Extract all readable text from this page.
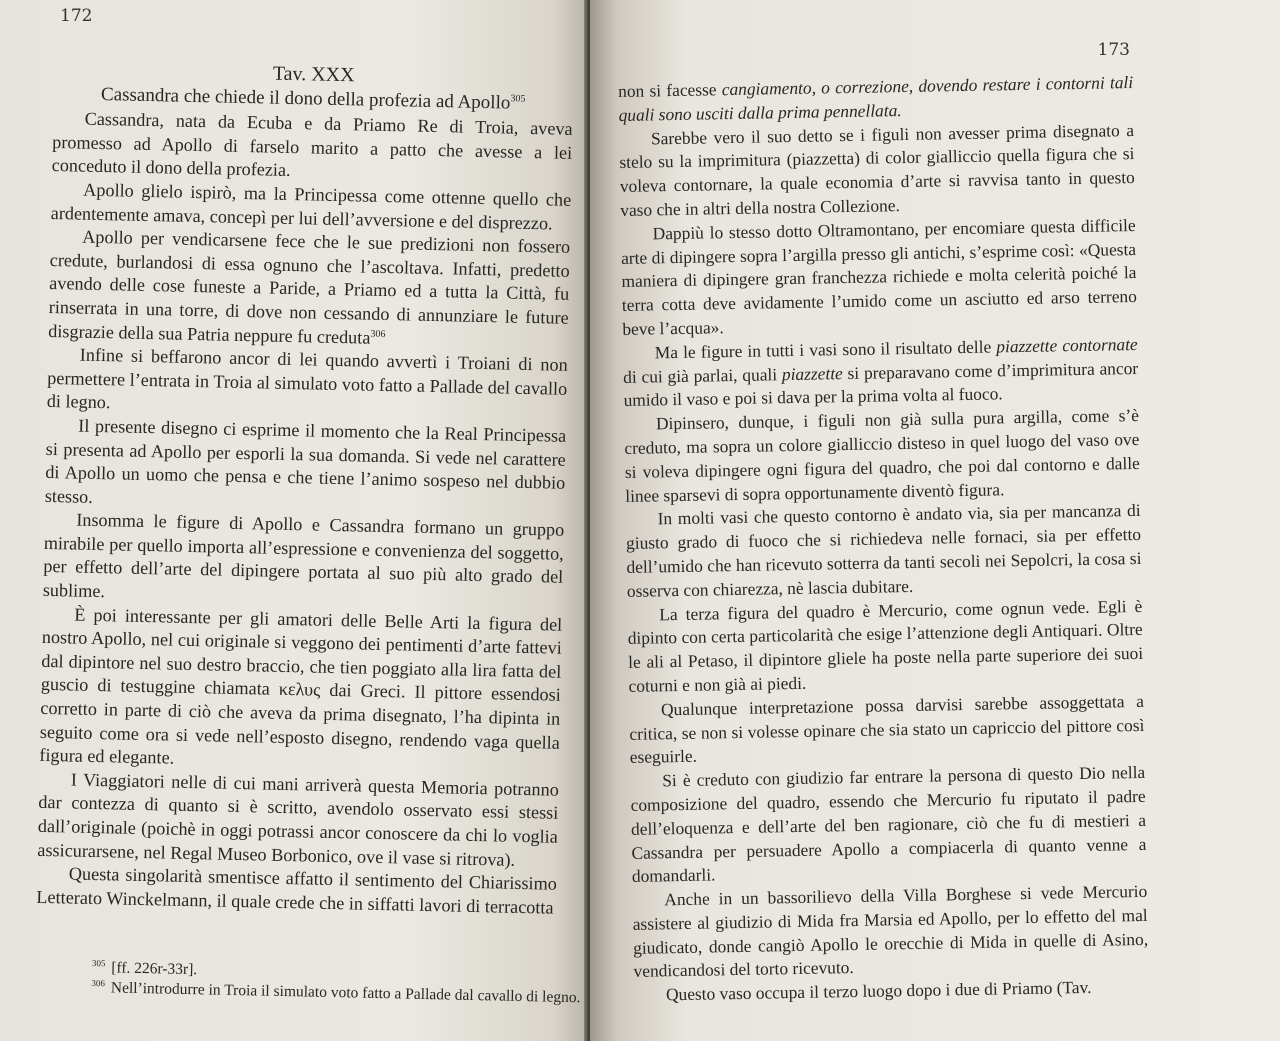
172
Tav. XXX
Cassandra che chiede il dono della profezia ad Apollo$^{305}$

Cassandra, nata da Ecuba e da Priamo Re di Troia, aveva promesso ad Apollo di farselo marito a patto che avesse a lei conceduto il dono della profezia.

Apollo glielo ispirò, ma la Principessa come ottenne quello che ardentemente amava, concepì per lui dell’avversione e del disprezzo.

Apollo per vendicarsene fece che le sue predizioni non fossero credute, burlandosi di essa ognuno che l’ascoltava. Infatti, predetto avendo delle cose funeste a Paride, a Priamo ed a tutta la Città, fu rinserrata in una torre, di dove non cessando di annunziare le future disgrazie della sua Patria neppure fu creduta$^{306}$

Infine si beffarono ancor di lei quando avvertì i Troiani di non permettere l’entrata in Troia al simulato voto fatto a Pallade del cavallo di legno.

Il presente disegno ci esprime il momento che la Real Principessa si presenta ad Apollo per esporli la sua domanda. Si vede nel carattere di Apollo un uomo che pensa e che tiene l’animo sospeso nel dubbio stesso.

Insomma le figure di Apollo e Cassandra formano un gruppo mirabile per quello importa all’espressione e convenienza del soggetto, per effetto dell’arte del dipingere portata al suo più alto grado del sublime.

È poi interessante per gli amatori delle Belle Arti la figura del nostro Apollo, nel cui originale si veggono dei pentimenti d’arte fattevi dal dipintore nel suo destro braccio, che tien poggiato alla lira fatta del guscio di testuggine chiamata κελυς dai Greci. Il pittore essendosi corretto in parte di ciò che aveva da prima disegnato, l’ha dipinta in seguito come ora si vede nell’esposto disegno, rendendo vaga quella figura ed elegante.

I Viaggiatori nelle di cui mani arriverà questa Memoria potranno dar contezza di quanto si è scritto, avendolo osservato essi stessi dall’originale (poichè in oggi potrassi ancor conoscere da chi lo voglia assicurarsene, nel Regal Museo Borbonico, ove il vase si ritrova).

Questa singolarità smentisce affatto il sentimento del Chiarissimo Letterato Winckelmann, il quale crede che in siffatti lavori di terracotta

$^{305}$ [ff. 226r-33r].
$^{306}$ Nell’introdurre in Troia il simulato voto fatto a Pallade dal cavallo di legno.
173

non si facesse cangiamento, o correzione, dovendo restare i contorni tali quali sono usciti dalla prima pennellata.

Sarebbe vero il suo detto se i figuli non avesser prima disegnato a stelo su la imprimitura (piazzetta) di color gialliccio quella figura che si voleva contornare, la quale economia d’arte si ravvisa tanto in questo vaso che in altri della nostra Collezione.

Dappiù lo stesso dotto Oltramontano, per encomiare questa difficile arte di dipingere sopra l’argilla presso gli antichi, s’esprime così: «Questa maniera di dipingere gran franchezza richiede e molta celerità poiché la terra cotta deve avidamente l’umido come un asciutto ed arso terreno beve l’acqua».

Ma le figure in tutti i vasi sono il risultato delle piazzette contornate di cui già parlai, quali piazzette si preparavano come d’imprimitura ancor umido il vaso e poi si dava per la prima volta al fuoco.

Dipinsero, dunque, i figuli non già sulla pura argilla, come s’è creduto, ma sopra un colore gialliccio disteso in quel luogo del vaso ove si voleva dipingere ogni figura del quadro, che poi dal contorno e dalle linee sparsevi di sopra opportunamente diventò figura.

In molti vasi che questo contorno è andato via, sia per mancanza di giusto grado di fuoco che si richiedeva nelle fornaci, sia per effetto dell’umido che han ricevuto sotterra da tanti secoli nei Sepolcri, la cosa si osserva con chiarezza, nè lascia dubitare.

La terza figura del quadro è Mercurio, come ognun vede. Egli è dipinto con certa particolarità che esige l’attenzione degli Antiquari. Oltre le ali al Petaso, il dipintore gliele ha poste nella parte superiore dei suoi coturni e non già ai piedi.

Qualunque interpretazione possa darvisi sarebbe assoggettata a critica, se non si volesse opinare che sia stato un capriccio del pittore così eseguirle.

Si è creduto con giudizio far entrare la persona di questo Dio nella composizione del quadro, essendo che Mercurio fu riputato il padre dell’eloquenza e dell’arte del ben ragionare, ciò che fu di mestieri a Cassandra per persuadere Apollo a compiacerla di quanto venne a domandarli.

Anche in un bassorilievo della Villa Borghese si vede Mercurio assistere al giudizio di Mida fra Marsia ed Apollo, per lo effetto del mal giudicato, donde cangiò Apollo le orecchie di Mida in quelle di Asino, vendicandosi del torto ricevuto.

Questo vaso occupa il terzo luogo dopo i due di Priamo (Tav.
